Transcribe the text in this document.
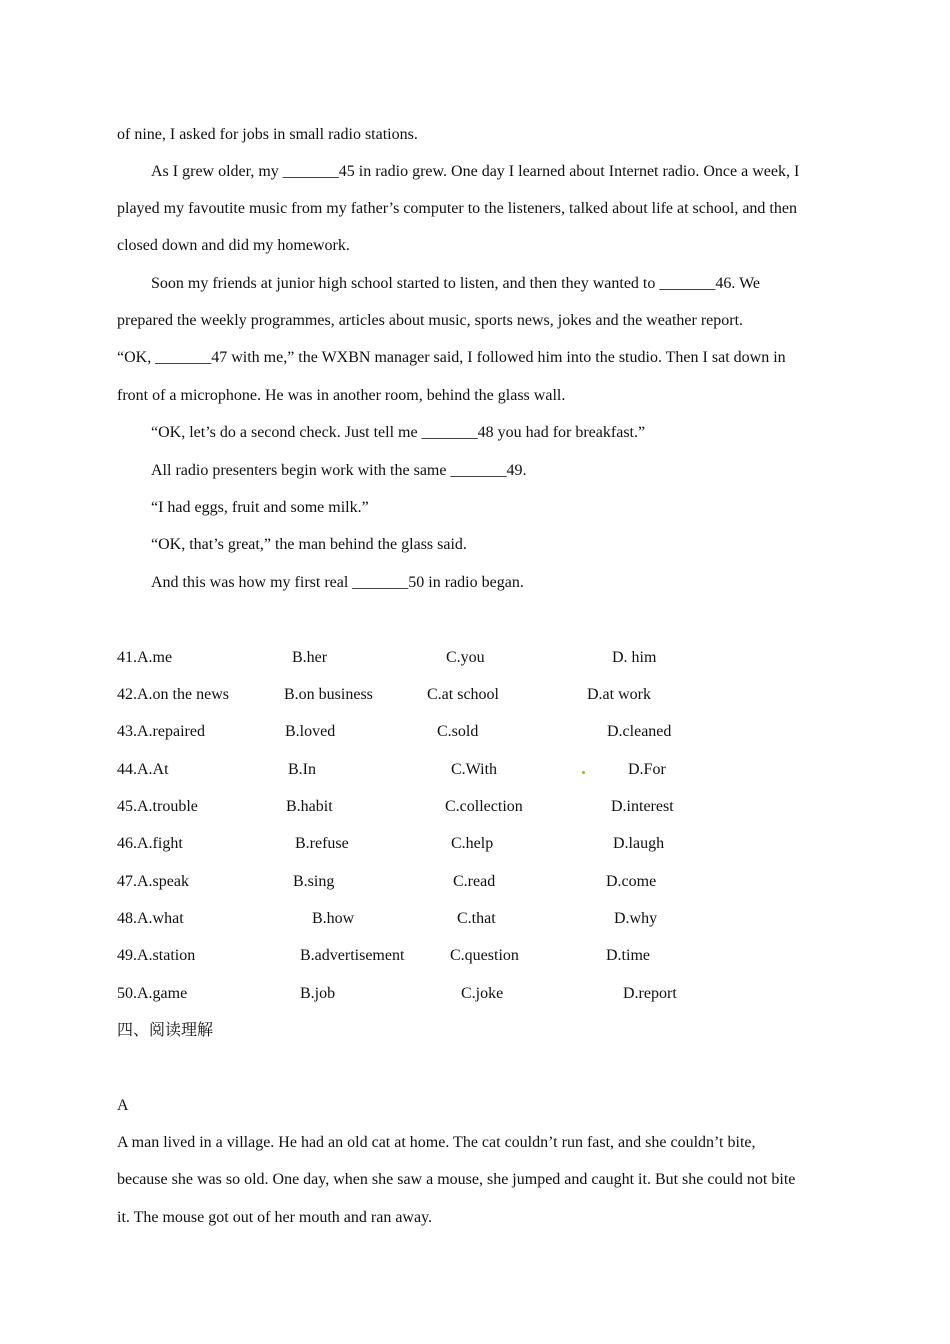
of nine, I asked for jobs in small radio stations.
As I grew older, my _______45 in radio grew. One day I learned about Internet radio. Once a week, I
played my favoutite music from my father’s computer to the listeners, talked about life at school, and then
closed down and did my homework.
Soon my friends at junior high school started to listen, and then they wanted to _______46. We
prepared the weekly programmes, articles about music, sports news, jokes and the weather report.
“OK, _______47 with me,” the WXBN manager said, I followed him into the studio. Then I sat down in
front of a microphone. He was in another room, behind the glass wall.
“OK, let’s do a second check. Just tell me _______48 you had for breakfast.”
All radio presenters begin work with the same _______49.
“I had eggs, fruit and some milk.”
“OK, that’s great,” the man behind the glass said.
And this was how my first real _______50 in radio began.
41.A.me	B.her	C.you	D. him
42.A.on the news	B.on business	C.at school	D.at work
43.A.repaired	B.loved	C.sold	D.cleaned
44.A.At	B.In	C.With	D.For
45.A.trouble	B.habit	C.collection	D.interest
46.A.fight	B.refuse	C.help	D.laugh
47.A.speak	B.sing	C.read	D.come
48.A.what	B.how	C.that	D.why
49.A.station	B.advertisement	C.question	D.time
50.A.game	B.job	C.joke	D.report
四、阅读理解
A
A man lived in a village. He had an old cat at home. The cat couldn’t run fast, and she couldn’t bite,
because she was so old. One day, when she saw a mouse, she jumped and caught it. But she could not bite
it. The mouse got out of her mouth and ran away.
